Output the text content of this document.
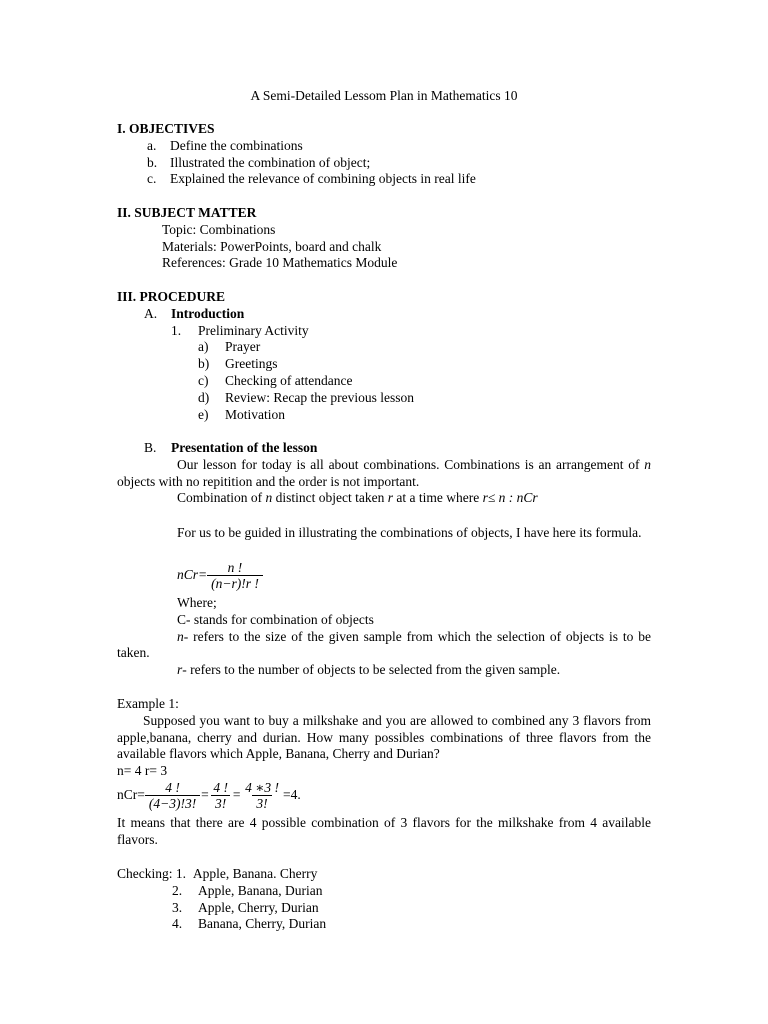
A Semi-Detailed Lessom Plan in Mathematics 10
I. OBJECTIVES
a.	Define the combinations
b. Illustrated the combination of object;
c.	Explained the relevance of combining objects in real life
II. SUBJECT MATTER
Topic: Combinations
Materials: PowerPoints, board and chalk
References: Grade 10 Mathematics Module
III. PROCEDURE
A.	Introduction
1.	Preliminary Activity
a)	Prayer
b)	Greetings
c)	Checking of attendance
d)	Review: Recap the previous lesson
e)	Motivation
B.	Presentation of the lesson
Our lesson for today is all about combinations. Combinations is an arrangement of n objects with no repitition and the order is not important.
Combination of n distinct object taken r at a time where r≤ n : nCr
For us to be guided in illustrating the combinations of objects, I have here its formula.
$nCr= \frac{n !}{(n-r)!r !}$
Where;
C- stands for combination of objects
n- refers to the size of the given sample from which the selection of objects is to be taken.
r- refers to the number of objects to be selected from the given sample.
Example 1:
Supposed you want to buy a milkshake and you are allowed to combined any 3 flavors from apple,banana, cherry and durian. How many possibles combinations of three flavors from the available flavors which Apple, Banana, Cherry and Durian?
n= 4 r= 3
$nCr= \frac{4 !}{(4-3)!3!} = \frac{4 !}{3!} = \frac{4 ∗3 !}{3!} =4$.
It means that there are 4 possible combination of 3 flavors for the milkshake from 4 available flavors.
Checking: 1. Apple, Banana. Cherry
2.	Apple, Banana, Durian
3.	Apple, Cherry, Durian
4.	Banana, Cherry, Durian
